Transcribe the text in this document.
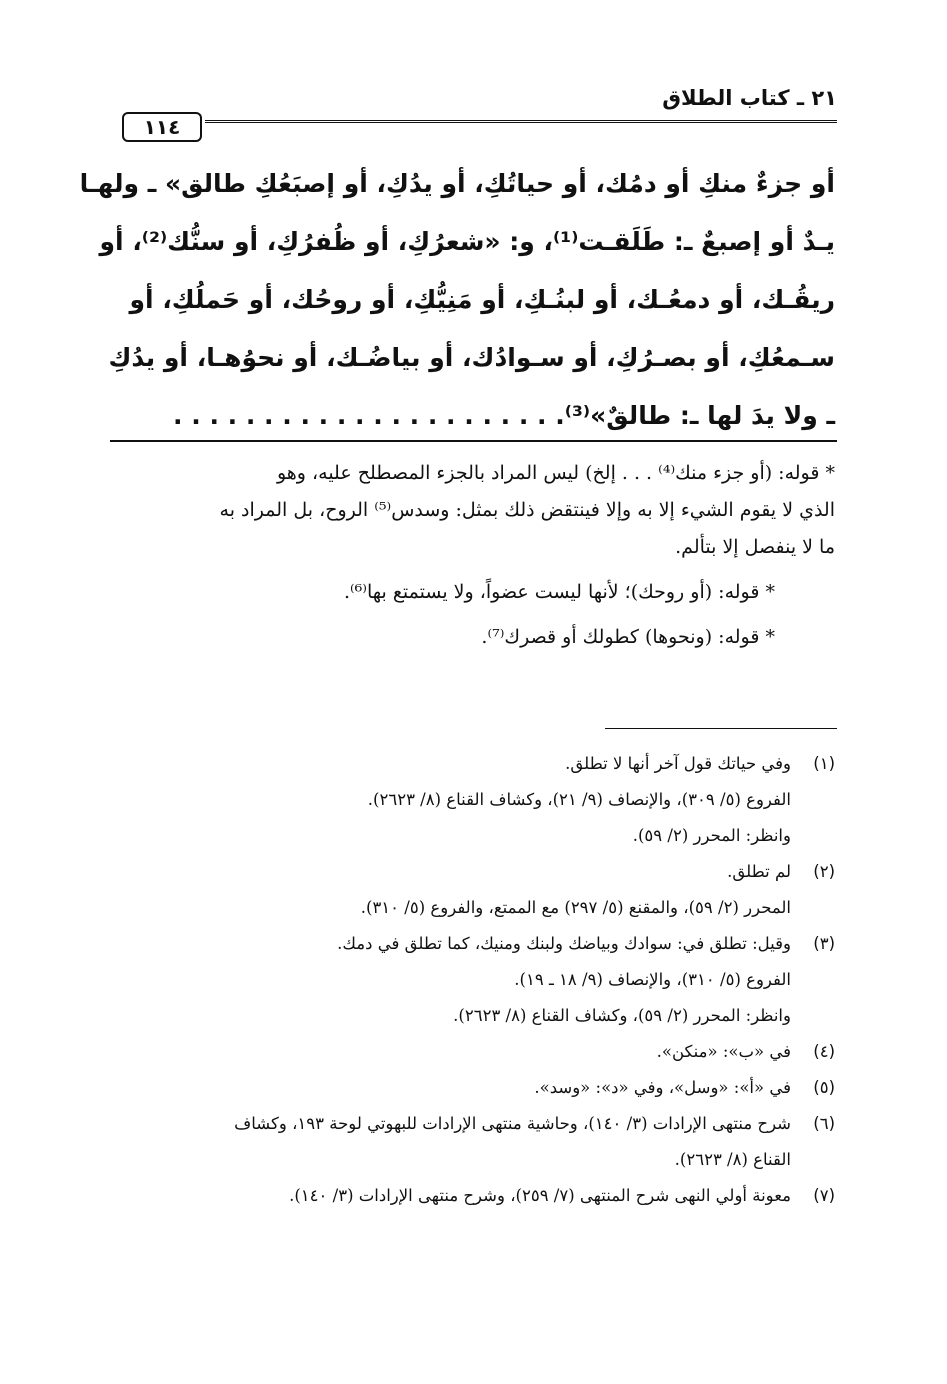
٢١ ـ كتاب الطلاق
١١٤
أو جزءٌ منكِ أو دمُك، أو حياتُكِ، أو يدُكِ، أو إصبَعُكِ طالق» ـ ولهـا
يـدٌ أو إصبعٌ ـ: طَلَقـت⁽¹⁾، و: «شعرُكِ، أو ظُفرُكِ، أو سنُّك⁽²⁾، أو
ريقُـك، أو دمعُـك، أو لبنُـكِ، أو مَنِيُّكِ، أو روحُك، أو حَملُكِ، أو
سـمعُكِ، أو بصـرُكِ، أو سـوادُك، أو بياضُـك، أو نحوُهـا، أو يدُكِ
ـ ولا يدَ لها ـ: طالقٌ»⁽³⁾. . . . . . . . . . . . . . . . . . . . . .
* قوله: (أو جزء منك⁽⁴⁾ . . . إلخ) ليس المراد بالجزء المصطلح عليه، وهو
الذي لا يقوم الشيء إلا به وإلا فينتقض ذلك بمثل: وسدس⁽⁵⁾ الروح، بل المراد به
ما لا ينفصل إلا بتألم.
* قوله: (أو روحك)؛ لأنها ليست عضواً، ولا يستمتع بها⁽⁶⁾.
* قوله: (ونحوها) كطولك أو قصرك⁽⁷⁾.
(١)وفي حياتك قول آخر أنها لا تطلق.
الفروع (٥/ ٣٠٩)، والإنصاف (٩/ ٢١)، وكشاف القناع (٨/ ٢٦٢٣).
وانظر: المحرر (٢/ ٥٩).
(٢)لم تطلق.
المحرر (٢/ ٥٩)، والمقنع (٥/ ٢٩٧) مع الممتع، والفروع (٥/ ٣١٠).
(٣)وقيل: تطلق في: سوادك وبياضك ولبنك ومنيك، كما تطلق في دمك.
الفروع (٥/ ٣١٠)، والإنصاف (٩/ ١٨ ـ ١٩).
وانظر: المحرر (٢/ ٥٩)، وكشاف القناع (٨/ ٢٦٢٣).
(٤)في «ب»: «منكن».
(٥)في «أ»: «وسل»، وفي «د»: «وسد».
(٦)شرح منتهى الإرادات (٣/ ١٤٠)، وحاشية منتهى الإرادات للبهوتي لوحة ١٩٣، وكشاف
القناع (٨/ ٢٦٢٣).
(٧)معونة أولي النهى شرح المنتهى (٧/ ٢٥٩)، وشرح منتهى الإرادات (٣/ ١٤٠).
